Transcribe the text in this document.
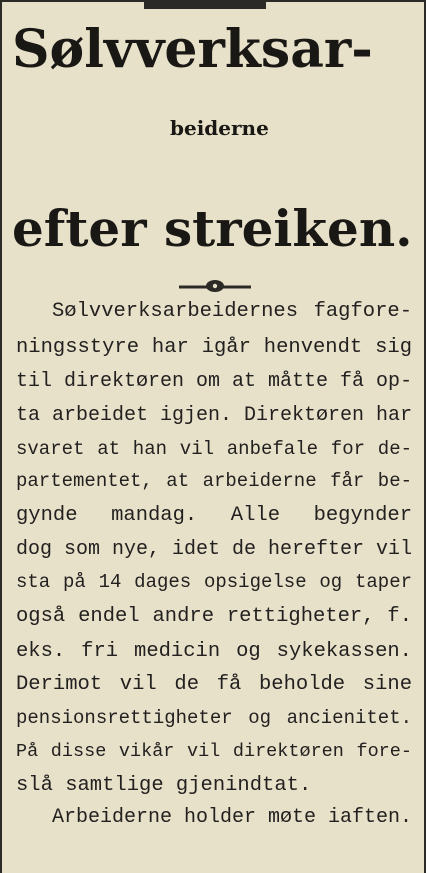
Sølvverksar-
beiderne
efter streiken.
Sølvverksarbeidernes fagfore-
ningsstyre har igår henvendt sig
til direktøren om at måtte få op-
ta arbeidet igjen. Direktøren har
svaret at han vil anbefale for de-
partementet, at arbeiderne får be-
gynde mandag. Alle begynder
dog som nye, idet de herefter vil
sta på 14 dages opsigelse og taper
også endel andre rettigheter, f.
eks. fri medicin og sykekassen.
Derimot vil de få beholde sine
pensionsrettigheter og ancienitet.
På disse vikår vil direktøren fore-
slå samtlige gjenindtat.
Arbeiderne holder møte iaften.
